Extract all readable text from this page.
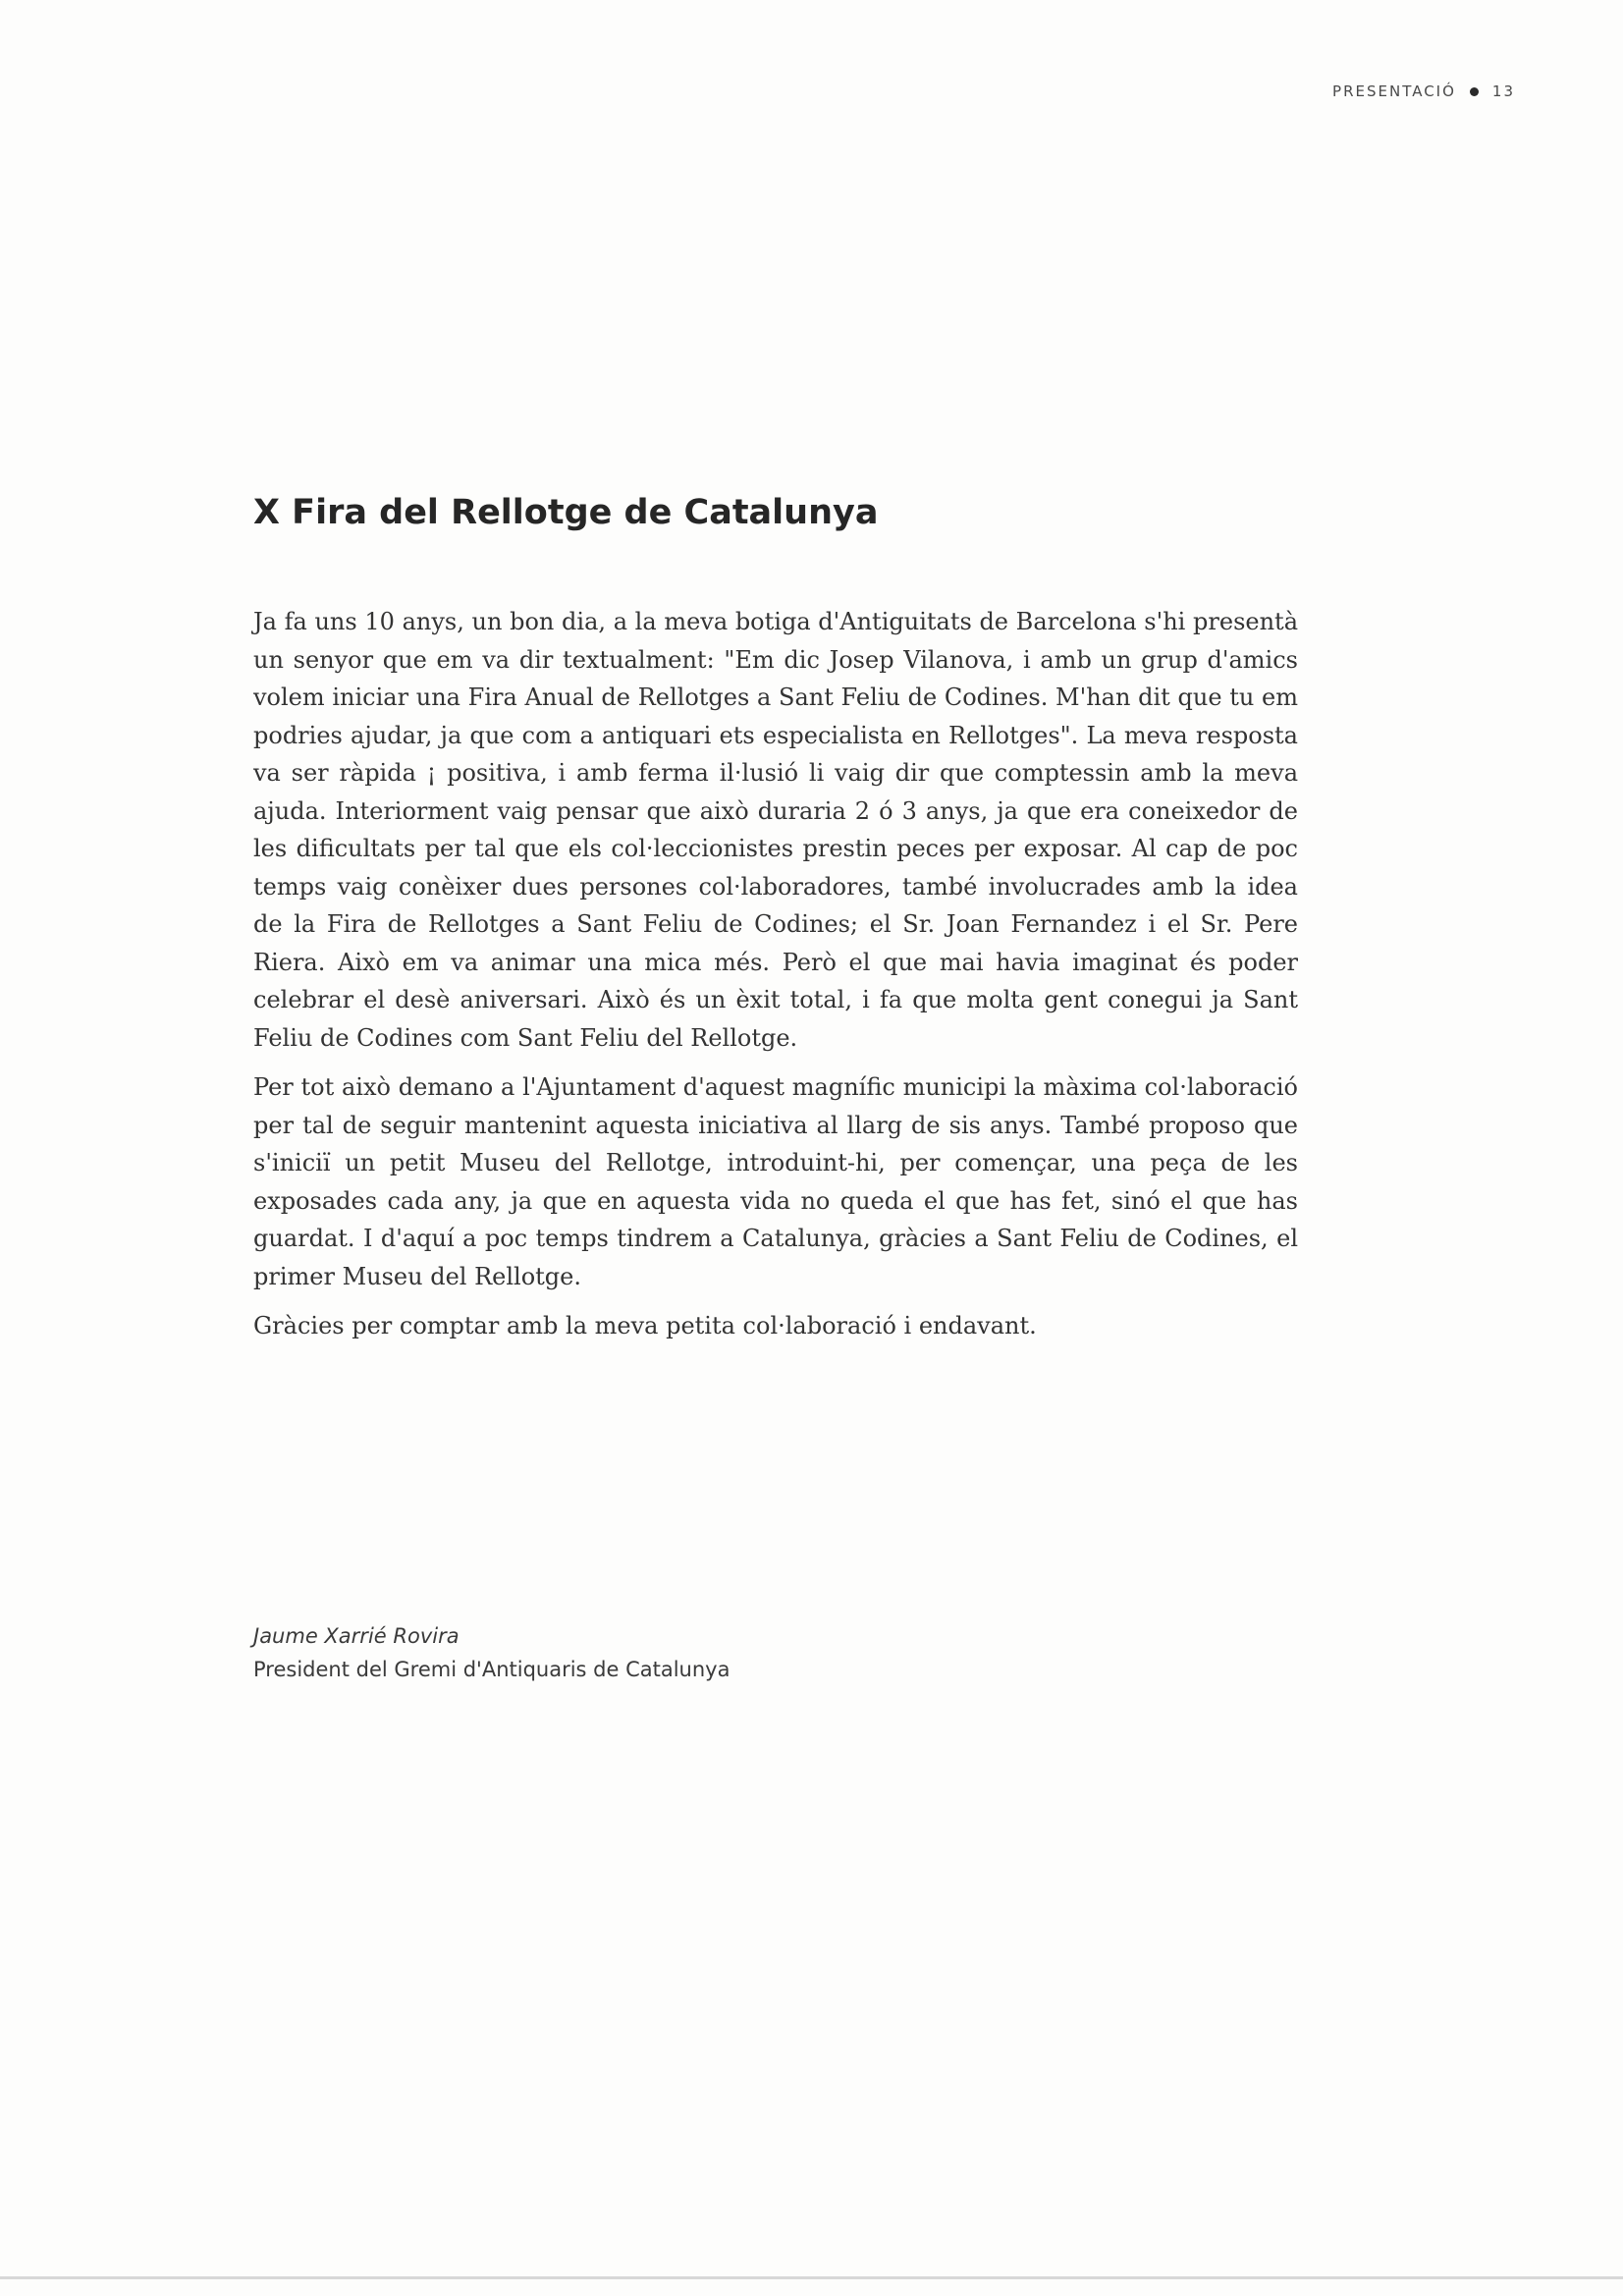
PRESENTACIÓ 13
X Fira del Rellotge de Catalunya

Ja fa uns 10 anys, un bon dia, a la meva botiga d'Antiguitats de Barcelona s'hi presentà un senyor que em va dir textualment: "Em dic Josep Vilanova, i amb un grup d'amics volem iniciar una Fira Anual de Rellotges a Sant Feliu de Codines. M'han dit que tu em podries ajudar, ja que com a antiquari ets especialista en Rellotges". La meva resposta va ser ràpida ¡ positiva, i amb ferma il·lusió li vaig dir que comptessin amb la meva ajuda. Interiorment vaig pensar que això duraria 2 ó 3 anys, ja que era coneixedor de les dificultats per tal que els col·leccionistes prestin peces per exposar. Al cap de poc temps vaig conèixer dues persones col·laboradores, també involucrades amb la idea de la Fira de Rellotges a Sant Feliu de Codines; el Sr. Joan Fernandez i el Sr. Pere Riera. Això em va animar una mica més. Però el que mai havia imaginat és poder celebrar el desè aniversari. Això és un èxit total, i fa que molta gent conegui ja Sant Feliu de Codines com Sant Feliu del Rellotge.

Per tot això demano a l'Ajuntament d'aquest magnífic municipi la màxima col·laboració per tal de seguir mantenint aquesta iniciativa al llarg de sis anys. També proposo que s'iniciï un petit Museu del Rellotge, introduint-hi, per començar, una peça de les exposades cada any, ja que en aquesta vida no queda el que has fet, sinó el que has guardat. I d'aquí a poc temps tindrem a Catalunya, gràcies a Sant Feliu de Codines, el primer Museu del Rellotge.

Gràcies per comptar amb la meva petita col·laboració i endavant.

Jaume Xarrié Rovira
President del Gremi d'Antiquaris de Catalunya
